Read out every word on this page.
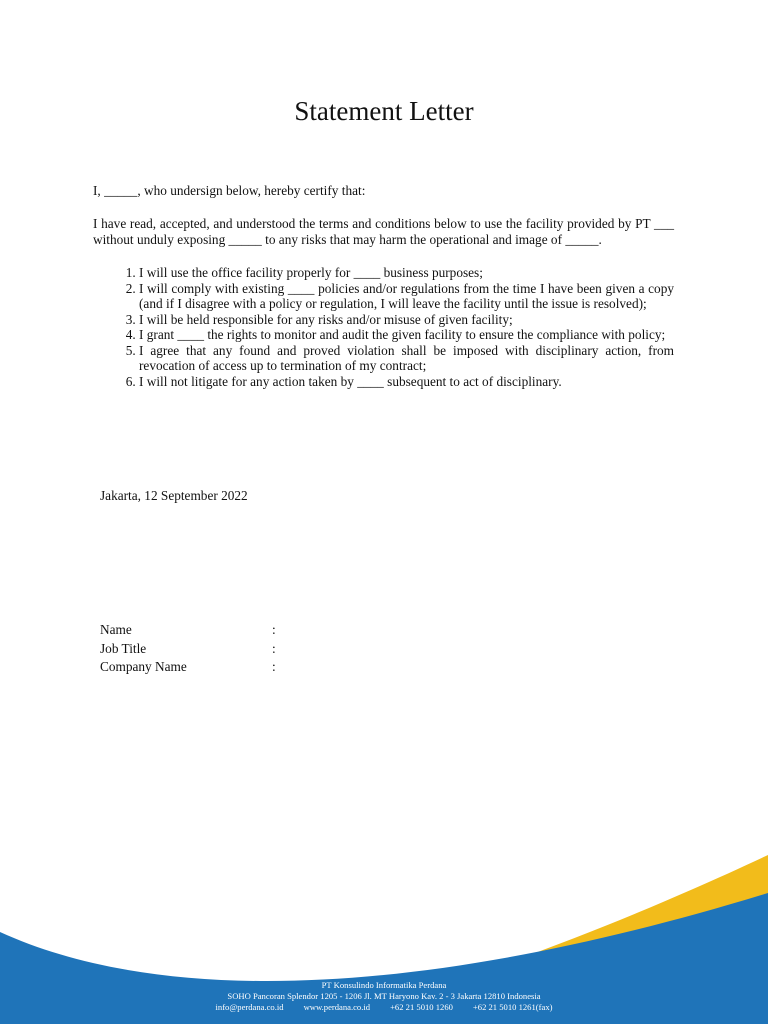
Statement Letter
I, _____, who undersign below, hereby certify that:
I have read, accepted, and understood the terms and conditions below to use the facility provided by PT ___ without unduly exposing _____ to any risks that may harm the operational and image of _____.
1. I will use the office facility properly for ____ business purposes;
2. I will comply with existing ____ policies and/or regulations from the time I have been given a copy (and if I disagree with a policy or regulation, I will leave the facility until the issue is resolved);
3. I will be held responsible for any risks and/or misuse of given facility;
4. I grant ____ the rights to monitor and audit the given facility to ensure the compliance with policy;
5. I agree that any found and proved violation shall be imposed with disciplinary action, from revocation of access up to termination of my contract;
6. I will not litigate for any action taken by ____ subsequent to act of disciplinary.
Jakarta, 12 September 2022
Name	:
Job Title	:
Company Name	:
PT Konsulindo Informatika Perdana
SOHO Pancoran Splendor 1205 - 1206 Jl. MT Haryono Kav. 2 - 3 Jakarta 12810 Indonesia
info@perdana.co.id www.perdana.co.id +62 21 5010 1260 +62 21 5010 1261(fax)
